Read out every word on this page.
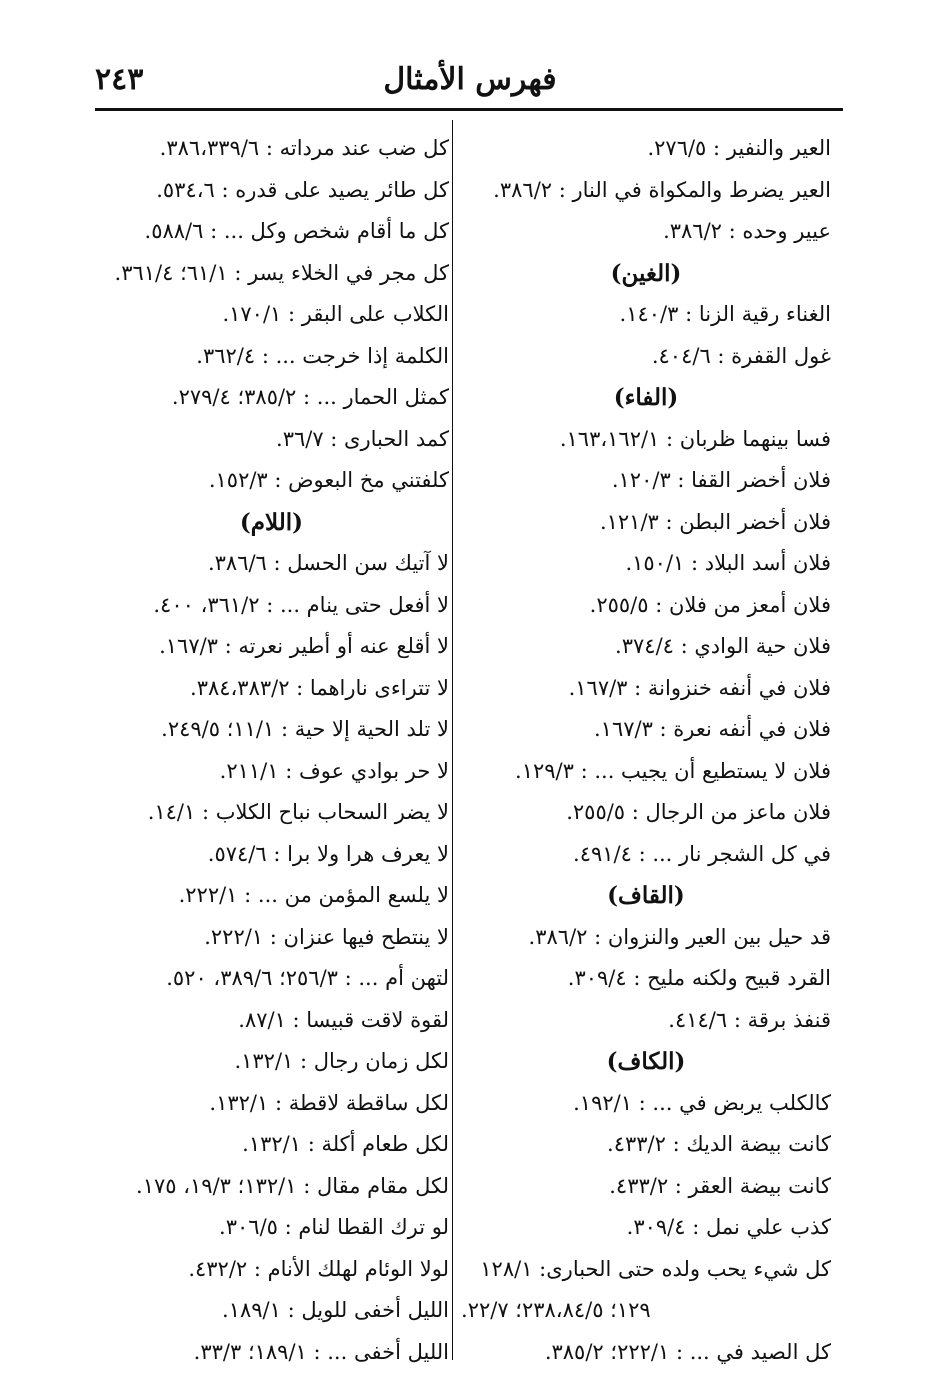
فهرس الأمثال
٢٤٣
العير والنفير : ٢٧٦/٥.
العير يضرط والمكواة في النار : ٣٨٦/٢.
عيير وحده : ٣٨٦/٢.
(الغين)
الغناء رقية الزنا : ١٤٠/٣.
غول القفرة : ٤٠٤/٦.
(الفاء)
فسا بينهما ظربان : ١٦٣،١٦٢/١.
فلان أخضر القفا : ١٢٠/٣.
فلان أخضر البطن : ١٢١/٣.
فلان أسد البلاد : ١٥٠/١.
فلان أمعز من فلان : ٢٥٥/٥.
فلان حية الوادي : ٣٧٤/٤.
فلان في أنفه خنزوانة : ١٦٧/٣.
فلان في أنفه نعرة : ١٦٧/٣.
فلان لا يستطيع أن يجيب ... : ١٢٩/٣.
فلان ماعز من الرجال : ٢٥٥/٥.
في كل الشجر نار ... : ٤٩١/٤.
(القاف)
قد حيل بين العير والنزوان : ٣٨٦/٢.
القرد قبيح ولكنه مليح : ٣٠٩/٤.
قنفذ برقة : ٤١٤/٦.
(الكاف)
كالكلب يربض في ... : ١٩٢/١.
كانت بيضة الديك : ٤٣٣/٢.
كانت بيضة العقر : ٤٣٣/٢.
كذب علي نمل : ٣٠٩/٤.
كل شيء يحب ولده حتى الحبارى: ١٢٨/١
١٢٩؛ ٢٣٨،٨٤/٥؛ ٢٢/٧.
كل الصيد في ... : ٢٢٢/١؛ ٣٨٥/٢.
كل ضب عند مرداته : ٣٨٦،٣٣٩/٦.
كل طائر يصيد على قدره : ٥٣٤،٦.
كل ما أقام شخص وكل ... : ٥٨٨/٦.
كل مجر في الخلاء يسر : ٦١/١؛ ٣٦١/٤.
الكلاب على البقر : ١٧٠/١.
الكلمة إذا خرجت ... : ٣٦٢/٤.
كمثل الحمار ... : ٣٨٥/٢؛ ٢٧٩/٤.
كمد الحبارى : ٣٦/٧.
كلفتني مخ البعوض : ١٥٢/٣.
(اللام)
لا آتيك سن الحسل : ٣٨٦/٦.
لا أفعل حتى ينام ... : ٣٦١/٢، ٤٠٠.
لا أقلع عنه أو أطير نعرته : ١٦٧/٣.
لا تتراءى ناراهما : ٣٨٤،٣٨٣/٢.
لا تلد الحية إلا حية : ١١/١؛ ٢٤٩/٥.
لا حر بوادي عوف : ٢١١/١.
لا يضر السحاب نباح الكلاب : ١٤/١.
لا يعرف هرا ولا برا : ٥٧٤/٦.
لا يلسع المؤمن من ... : ٢٢٢/١.
لا ينتطح فيها عنزان : ٢٢٢/١.
لتهن أم ... : ٢٥٦/٣؛ ٣٨٩/٦، ٥٢٠.
لقوة لاقت قبيسا : ٨٧/١.
لكل زمان رجال : ١٣٢/١.
لكل ساقطة لاقطة : ١٣٢/١.
لكل طعام أكلة : ١٣٢/١.
لكل مقام مقال : ١٣٢/١؛ ١٩/٣، ١٧٥.
لو ترك القطا لنام : ٣٠٦/٥.
لولا الوئام لهلك الأنام : ٤٣٢/٢.
الليل أخفى للويل : ١٨٩/١.
الليل أخفى ... : ١٨٩/١؛ ٣٣/٣.
